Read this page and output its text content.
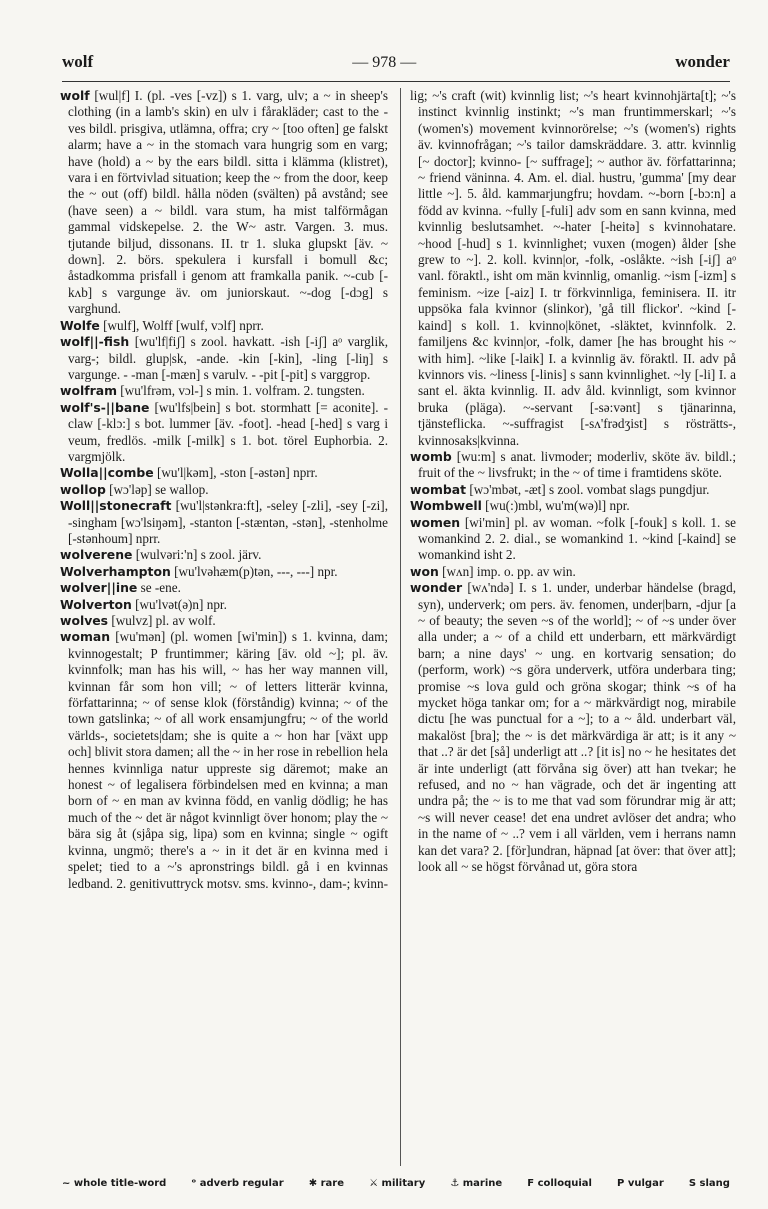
wolf	— 978 —	wonder

wolf [wul|f] I. (pl. -ves [-vz]) s 1. varg, ulv; a ~ in sheep's clothing (in a lamb's skin) en ulv i fårakläder; cast to the -ves bildl. prisgiva, utlämna, offra; cry ~ [too often] ge falskt alarm; have a ~ in the stomach vara hungrig som en varg; have (hold) a ~ by the ears bildl. sitta i klämma (klistret), vara i en förtvivlad situation; keep the ~ from the door, keep the ~ out (off) bildl. hålla nöden (svälten) på avstånd; see (have seen) a ~ bildl. vara stum, ha mist talförmågan gammal vidskepelse. 2. the W~ astr. Vargen. 3. mus. tjutande biljud, dissonans. II. tr 1. sluka glupskt [äv. ~ down]. 2. börs. spekulera i kursfall i bomull &c; åstadkomma prisfall i genom att framkalla panik. ~-cub [-kʌb] s vargunge äv. om juniorskaut. ~-dog [-dɔg] s varghund.

Wolfe [wulf], Wolff [wulf, vɔlf] nprr.

wolf||-fish [wu'lf|fiʃ] s zool. havkatt. -ish [-iʃ] aᵒ varglik, varg-; bildl. glup|sk, -ande. -kin [-kin], -ling [-liŋ] s vargunge. - -man [-mæn] s varulv. - -pit [-pit] s varggrop.

wolfram [wu'lfrəm, vɔl-] s min. 1. volfram. 2. tungsten.

wolf's-||bane [wu'lfs|bein] s bot. stormhatt [= aconite]. -claw [-klɔ:] s bot. lummer [äv. -foot]. -head [-hed] s varg i veum, fredlös. -milk [-milk] s 1. bot. törel Euphorbia. 2. vargmjölk.

Wolla||combe [wu'l|kəm], -ston [-əstən] nprr.

wollop [wɔ'ləp] se wallop.

Woll||stonecraft [wu'l|stənkra:ft], -seley [-zli], -sey [-zi], -singham [wɔ'lsiŋəm], -stanton [-stæntən, -stən], -stenholme [-stənhoum] nprr.

wolverene [wulvəri:'n] s zool. järv.

Wolverhampton [wu'lvəhæm(p)tən, ---, ---] npr.

wolver||ine se -ene.

Wolverton [wu'lvət(ə)n] npr.

wolves [wulvz] pl. av wolf.

woman [wu'mən] (pl. women [wi'min]) s 1. kvinna, dam; kvinnogestalt; P fruntimmer; käring [äv. old ~]; pl. äv. kvinnfolk; man has his will, ~ has her way mannen vill, kvinnan får som hon vill; ~ of letters litterär kvinna, författarinna; ~ of sense klok (förståndig) kvinna; ~ of the town gatslinka; ~ of all work ensamjungfru; ~ of the world världs-, societets|dam; she is quite a ~ hon har [växt upp och] blivit stora damen; all the ~ in her rose in rebellion hela hennes kvinnliga natur uppreste sig däremot; make an honest ~ of legalisera förbindelsen med en kvinna; a man born of ~ en man av kvinna född, en vanlig dödlig; he has much of the ~ det är något kvinnligt över honom; play the ~ bära sig åt (sjåpa sig, lipa) som en kvinna; single ~ ogift kvinna, ungmö; there's a ~ in it det är en kvinna med i spelet; tied to a ~'s apronstrings bildl. gå i en kvinnas ledband. 2. genitivuttryck motsv. sms. kvinno-, dam-; kvinn-

lig; ~'s craft (wit) kvinnlig list; ~'s heart kvinnohjärta[t]; ~'s instinct kvinnlig instinkt; ~'s man fruntimmerskarl; ~'s (women's) movement kvinnorörelse; ~'s (women's) rights äv. kvinnofrågan; ~'s tailor damskräddare. 3. attr. kvinnlig [~ doctor]; kvinno- [~ suffrage]; ~ author äv. författarinna; ~ friend väninna. 4. Am. el. dial. hustru, 'gumma' [my dear little ~]. 5. åld. kammarjungfru; hovdam. ~-born [-bɔ:n] a född av kvinna. ~fully [-fuli] adv som en sann kvinna, med kvinnlig beslutsamhet. ~-hater [-heitə] s kvinnohatare. ~hood [-hud] s 1. kvinnlighet; vuxen (mogen) ålder [she grew to ~]. 2. koll. kvinn|or, -folk, -oslåkte. ~ish [-iʃ] aᵒ vanl. föraktl., isht om män kvinnlig, omanlig. ~ism [-izm] s feminism. ~ize [-aiz] I. tr förkvinnliga, feminisera. II. itr uppsöka fala kvinnor (slinkor), 'gå till flickor'. ~kind [-kaind] s koll. 1. kvinno|könet, -släktet, kvinnfolk. 2. familjens &c kvinn|or, -folk, damer [he has brought his ~ with him]. ~like [-laik] I. a kvinnlig äv. föraktl. II. adv på kvinnors vis. ~liness [-linis] s sann kvinnlighet. ~ly [-li] I. a sant el. äkta kvinnlig. II. adv åld. kvinnligt, som kvinnor bruka (pläga). ~-servant [-sə:vənt] s tjänarinna, tjänsteflicka. ~-suffragist [-sʌ'frədʒist] s rösträtts-, kvinnosaks|kvinna.

womb [wu:m] s anat. livmoder; moderliv, sköte äv. bildl.; fruit of the ~ livsfrukt; in the ~ of time i framtidens sköte.

wombat [wɔ'mbət, -æt] s zool. vombat slags pungdjur.

Wombwell [wu(:)mbl, wu'm(wə)l] npr.

women [wi'min] pl. av woman. ~folk [-fouk] s koll. 1. se womankind 2. 2. dial., se womankind 1. ~kind [-kaind] se womankind isht 2.

won [wʌn] imp. o. pp. av win.

wonder [wʌ'ndə] I. s 1. under, underbar händelse (bragd, syn), underverk; om pers. äv. fenomen, under|barn, -djur [a ~ of beauty; the seven ~s of the world]; ~ of ~s under över alla under; a ~ of a child ett underbarn, ett märkvärdigt barn; a nine days' ~ ung. en kortvarig sensation; do (perform, work) ~s göra underverk, utföra underbara ting; promise ~s lova guld och gröna skogar; think ~s of ha mycket höga tankar om; for a ~ märkvärdigt nog, mirabile dictu [he was punctual for a ~]; to a ~ åld. underbart väl, makalöst [bra]; the ~ is det märkvärdiga är att; is it any ~ that ..? är det [så] underligt att ..? [it is] no ~ he hesitates det är inte underligt (att förvåna sig över) att han tvekar; he refused, and no ~ han vägrade, och det är ingenting att undra på; the ~ is to me that vad som förundrar mig är att; ~s will never cease! det ena undret avlöser det andra; who in the name of ~ ..? vem i all världen, vem i herrans namn kan det vara? 2. [för]undran, häpnad [at över: that över att]; look all ~ se högst förvånad ut, göra stora

~ whole title-word	ᵒ adverb regular	✱ rare	⚔ military	⚓ marine	F colloquial	P vulgar	S slang
